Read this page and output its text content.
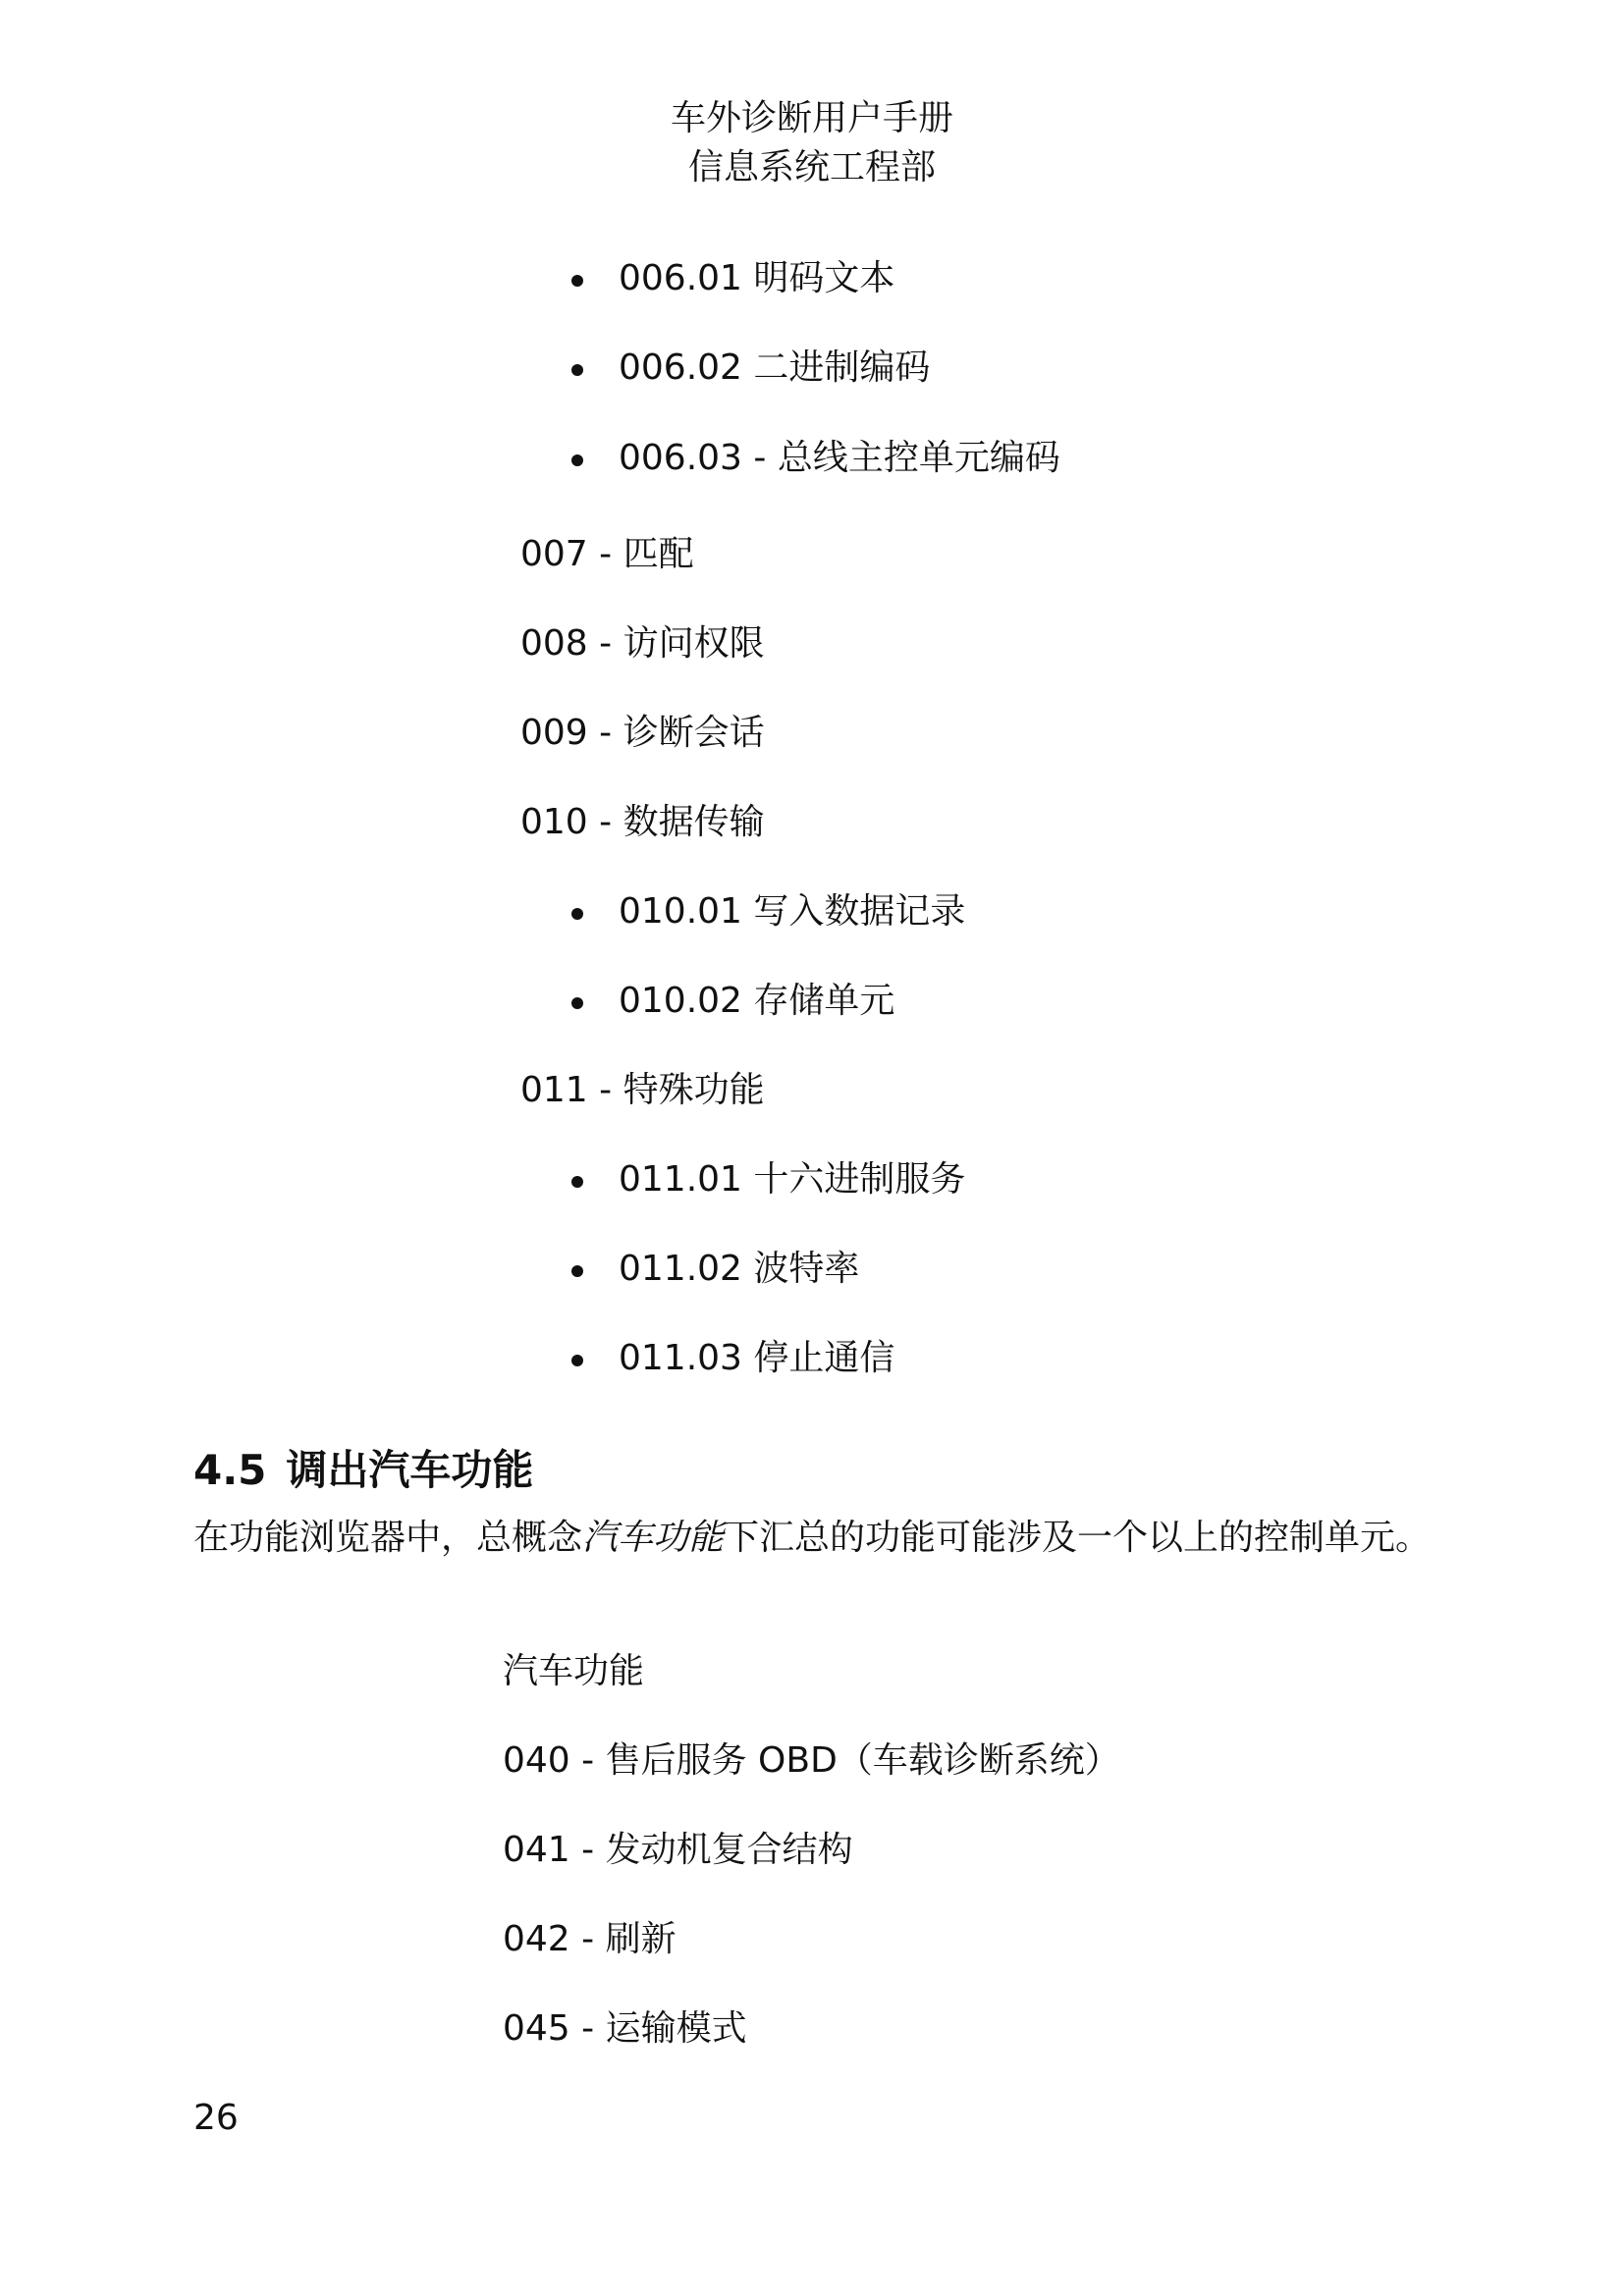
车外诊断用户手册
信息系统工程部
006.01 明码文本
006.02 二进制编码
006.03 - 总线主控单元编码
007 - 匹配
008 - 访问权限
009 - 诊断会话
010 - 数据传输
010.01 写入数据记录
010.02 存储单元
011 - 特殊功能
011.01 十六进制服务
011.02 波特率
011.03 停止通信
4.5 调出汽车功能
在功能浏览器中，总概念汽车功能下汇总的功能可能涉及一个以上的控制单元。
汽车功能
040 - 售后服务 OBD（车载诊断系统）
041 - 发动机复合结构
042 - 刷新
045 - 运输模式
26
